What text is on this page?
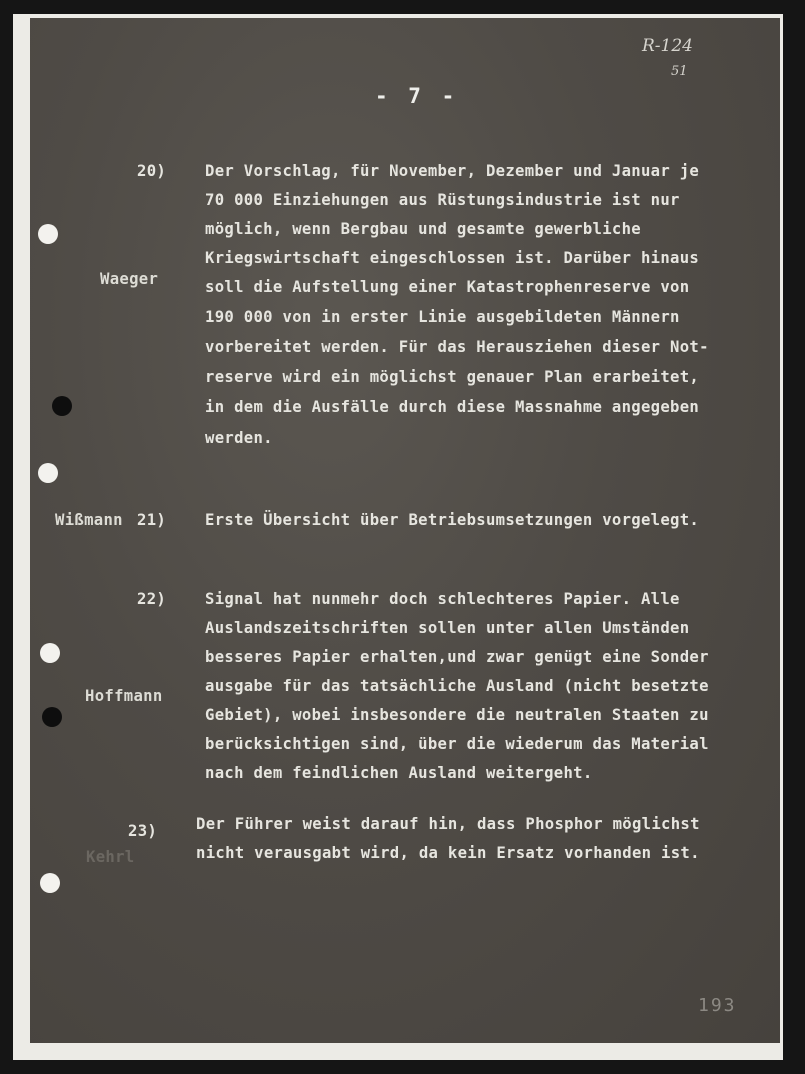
R-124
51
- 7 -
20)
Waeger
Der Vorschlag, für November, Dezember und Januar je
70 000 Einziehungen aus Rüstungsindustrie ist nur
möglich, wenn Bergbau und gesamte gewerbliche
Kriegswirtschaft eingeschlossen ist. Darüber hinaus
soll die Aufstellung einer Katastrophenreserve von
190 000 von in erster Linie ausgebildeten Männern
vorbereitet werden. Für das Herausziehen dieser Not-
reserve wird ein möglichst genauer Plan erarbeitet,
in dem die Ausfälle durch diese Massnahme angegeben
werden.
Wißmann 21) Erste Übersicht über Betriebsumsetzungen vorgelegt.
22)
Hoffmann
Signal hat nunmehr doch schlechteres Papier. Alle
Auslandszeitschriften sollen unter allen Umständen
besseres Papier erhalten,und zwar genügt eine Sonder
ausgabe für das tatsächliche Ausland (nicht besetzte
Gebiet), wobei insbesondere die neutralen Staaten zu
berücksichtigen sind, über die wiederum das Material
nach dem feindlichen Ausland weitergeht.
23)
Kehrl
Der Führer weist darauf hin, dass Phosphor möglichst
nicht verausgabt wird, da kein Ersatz vorhanden ist.
193
